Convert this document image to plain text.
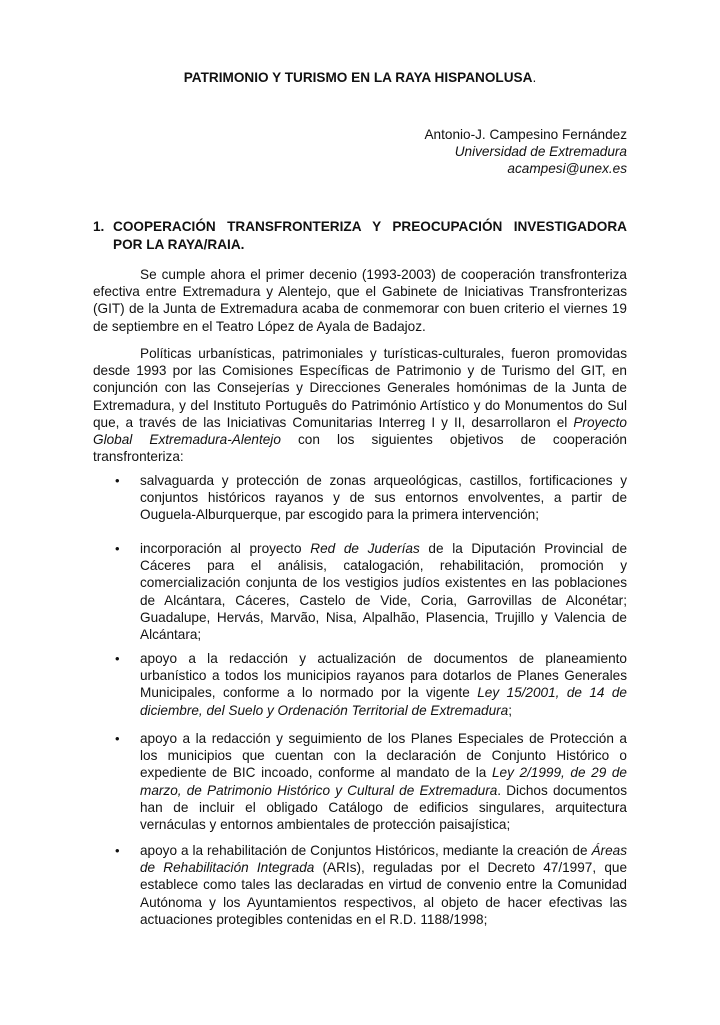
PATRIMONIO Y TURISMO EN LA RAYA HISPANOLUSA.
Antonio-J. Campesino Fernández
Universidad de Extremadura
acampesi@unex.es
1. COOPERACIÓN TRANSFRONTERIZA Y PREOCUPACIÓN INVESTIGADORA
POR LA RAYA/RAIA.

Se cumple ahora el primer decenio (1993-2003) de cooperación transfronteriza efectiva entre Extremadura y Alentejo, que el Gabinete de Iniciativas Transfronterizas (GIT) de la Junta de Extremadura acaba de conmemorar con buen criterio el viernes 19 de septiembre en el Teatro López de Ayala de Badajoz.

Políticas urbanísticas, patrimoniales y turísticas-culturales, fueron promovidas desde 1993 por las Comisiones Específicas de Patrimonio y de Turismo del GIT, en conjunción con las Consejerías y Direcciones Generales homónimas de la Junta de Extremadura, y del Instituto Português do Património Artístico y do Monumentos do Sul que, a través de las Iniciativas Comunitarias Interreg I y II, desarrollaron el Proyecto Global Extremadura-Alentejo con los siguientes objetivos de cooperación transfronteriza:

• salvaguarda y protección de zonas arqueológicas, castillos, fortificaciones y conjuntos históricos rayanos y de sus entornos envolventes, a partir de Ouguela-Alburquerque, par escogido para la primera intervención;
• incorporación al proyecto Red de Juderías de la Diputación Provincial de Cáceres para el análisis, catalogación, rehabilitación, promoción y comercialización conjunta de los vestigios judíos existentes en las poblaciones de Alcántara, Cáceres, Castelo de Vide, Coria, Garrovillas de Alconétar; Guadalupe, Hervás, Marvão, Nisa, Alpalhão, Plasencia, Trujillo y Valencia de Alcántara;
• apoyo a la redacción y actualización de documentos de planeamiento urbanístico a todos los municipios rayanos para dotarlos de Planes Generales Municipales, conforme a lo normado por la vigente Ley 15/2001, de 14 de diciembre, del Suelo y Ordenación Territorial de Extremadura;
• apoyo a la redacción y seguimiento de los Planes Especiales de Protección a los municipios que cuentan con la declaración de Conjunto Histórico o expediente de BIC incoado, conforme al mandato de la Ley 2/1999, de 29 de marzo, de Patrimonio Histórico y Cultural de Extremadura. Dichos documentos han de incluir el obligado Catálogo de edificios singulares, arquitectura vernáculas y entornos ambientales de protección paisajística;
• apoyo a la rehabilitación de Conjuntos Históricos, mediante la creación de Áreas de Rehabilitación Integrada (ARIs), reguladas por el Decreto 47/1997, que establece como tales las declaradas en virtud de convenio entre la Comunidad Autónoma y los Ayuntamientos respectivos, al objeto de hacer efectivas las actuaciones protegibles contenidas en el R.D. 1188/1998;
